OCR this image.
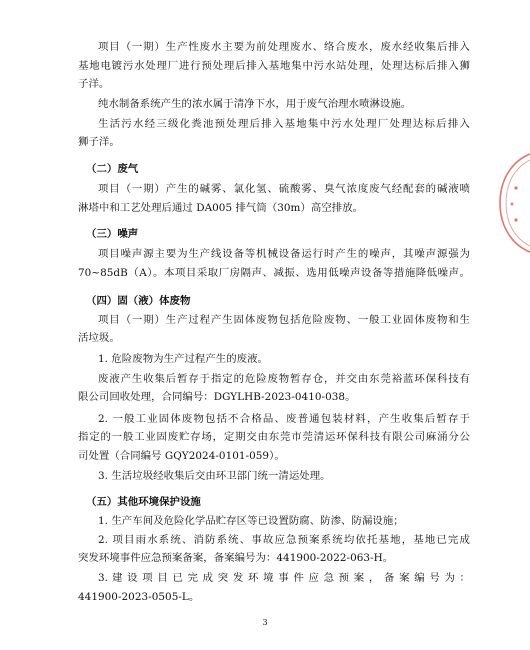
项目（一期）生产性废水主要为前处理废水、络合废水，废水经收集后排入
基地电镀污水处理厂进行预处理后排入基地集中污水站处理，处理达标后排入狮
子洋。
纯水制备系统产生的浓水属于清净下水，用于废气治理水喷淋设施。
生活污水经三级化粪池预处理后排入基地集中污水处理厂处理达标后排入
狮子洋。
（二）废气
项目（一期）产生的碱雾、氯化氢、硫酸雾、臭气浓度废气经配套的碱液喷
淋塔中和工艺处理后通过 DA005 排气筒（30m）高空排放。
（三）噪声
项目噪声源主要为生产线设备等机械设备运行时产生的噪声，其噪声源强为
70~85dB（A）。本项目采取厂房隔声、减振、选用低噪声设备等措施降低噪声。
（四）固（液）体废物
项目（一期）生产过程产生固体废物包括危险废物、一般工业固体废物和生
活垃圾。
1. 危险废物为生产过程产生的废液。
废液产生收集后暂存于指定的危险废物暂存仓，并交由东莞裕蓝环保科技有
限公司回收处理，合同编号：DGYLHB-2023-0410-038。
2. 一般工业固体废物包括不合格品、废普通包装材料，产生收集后暂存于
指定的一般工业固废贮存场，定期交由东莞市莞清运环保科技有限公司麻涌分公
司处置（合同编号 GQY2024-0101-059）。
3. 生活垃圾经收集后交由环卫部门统一清运处理。
（五）其他环境保护设施
1. 生产车间及危险化学品贮存区等已设置防腐、防渗、防漏设施；
2. 项目雨水系统、消防系统、事故应急预案系统均依托基地，基地已完成
突发环境事件应急预案备案，备案编号为：441900-2022-063-H。
3
3. 建 设 项 目 已 完 成 突 发 环 境 事 件 应 急 预 案 ， 备 案 编 号 为 ：
441900-2023-0505-L。
